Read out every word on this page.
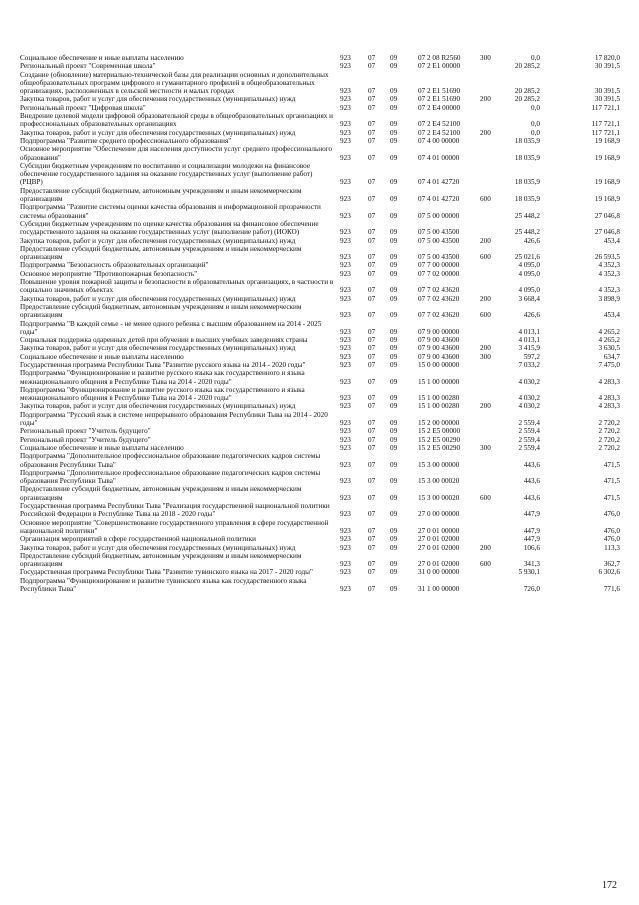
Социальное обеспечение и иные выплаты населению	923 07 09	07 2 08 R2560	300	0,0	17 820,0
Региональный проект "Современная школа"	923 07 09	07 2 E1 00000	20 285,2	30 391,5
Создание (обновление) материально-технической базы для реализации основных и дополнительных общеобразовательных программ цифрового и гуманитарного профилей в общеобразовательных организациях, расположенных в сельской местности и малых городах	923 07 09	07 2 E1 51690	20 285,2	30 391,5
Закупка товаров, работ и услуг для обеспечения государственных (муниципальных) нужд	923 07 09	07 2 E1 51690	200	20 285,2	30 391,5
Региональный проект "Цифровая школа"	923 07 09	07 2 E4 00000	0,0	117 721,1
Внедрение целевой модели цифровой образовательной среды в общеобразовательных организациях и профессиональных образовательных организациях	923 07 09	07 2 E4 52100	0,0	117 721,1
Закупка товаров, работ и услуг для обеспечения государственных (муниципальных) нужд	923 07 09	07 2 E4 52100	200	0,0	117 721,1
Подпрограмма "Развитие среднего профессионального образования"	923 07 09	07 4 00 00000	18 035,9	19 168,9
Основное мероприятие "Обеспечение для населения доступности услуг среднего профессионального образования"	923 07 09	07 4 01 00000	18 035,9	19 168,9
Субсидии бюджетным учреждениям по воспитанию и социализации молодежи на финансовое обеспечение государственного задания на оказание государственных услуг (выполнение работ) (РЦВР)	923 07 09	07 4 01 42720	18 035,9	19 168,9
Предоставление субсидий бюджетным, автономным учреждениям и иным некоммерческим организациям	923 07 09	07 4 01 42720	600	18 035,9	19 168,9
Подпрограмма "Развитие системы оценки качества образования и информационной прозрачности системы образования"	923 07 09	07 5 00 00000	25 448,2	27 046,8
Субсидии бюджетным учреждениям по оценке качества образования на финансовое обеспечение государственного задания на оказание государственных услуг (выполнение работ) (ИОКО)	923 07 09	07 5 00 43500	25 448,2	27 046,8
Закупка товаров, работ и услуг для обеспечения государственных (муниципальных) нужд	923 07 09	07 5 00 43500	200	426,6	453,4
Предоставление субсидий бюджетным, автономным учреждениям и иным некоммерческим организациям	923 07 09	07 5 00 43500	600	25 021,6	26 593,5
Подпрограмма "Безопасность образовательных организаций"	923 07 09	07 7 00 00000	4 095,0	4 352,3
Основное мероприятие "Противопожарная безопасность"	923 07 09	07 7 02 00000	4 095,0	4 352,3
Повышение уровня пожарной защиты и безопасности в образовательных организациях, в частности в социально значимых объектах	923 07 09	07 7 02 43620	4 095,0	4 352,3
Закупка товаров, работ и услуг для обеспечения государственных (муниципальных) нужд	923 07 09	07 7 02 43620	200	3 668,4	3 898,9
Предоставление субсидий бюджетным, автономным учреждениям и иным некоммерческим организациям	923 07 09	07 7 02 43620	600	426,6	453,4
Подпрограмма "В каждой семье - не менее одного ребенка с высшим образованием на 2014 - 2025 годы"	923 07 09	07 9 00 00000	4 013,1	4 265,2
Социальная поддержка одаренных детей при обучении в высших учебных заведениях страны	923 07 09	07 9 00 43600	4 013,1	4 265,2
Закупка товаров, работ и услуг для обеспечения государственных (муниципальных) нужд	923 07 09	07 9 00 43600	200	3 415,9	3 630,5
Социальное обеспечение и иные выплаты населению	923 07 09	07 9 00 43600	300	597,2	634,7
Государственная программа Республики Тыва "Развитие русского языка на 2014 - 2020 годы"	923 07 09	15 0 00 00000	7 033,2	7 475,0
Подпрограмма "Функционирование и развитие русского языка как государственного и языка межнационального общения в Республике Тыва на 2014 - 2020 годы"	923 07 09	15 1 00 00000	4 030,2	4 283,3
Подпрограмма "Функционирование и развитие русского языка как государственного и языка межнационального общения в Республике Тыва на 2014 - 2020 годы"	923 07 09	15 1 00 00280	4 030,2	4 283,3
Закупка товаров, работ и услуг для обеспечения государственных (муниципальных) нужд	923 07 09	15 1 00 00280	200	4 030,2	4 283,3
Подпрограмма "Русский язык в системе непрерывного образования Республики Тыва на 2014 - 2020 годы"	923 07 09	15 2 00 00000	2 559,4	2 720,2
Региональный проект "Учитель будущего"	923 07 09	15 2 E5 00000	2 559,4	2 720,2
Региональный проект "Учитель будущего"	923 07 09	15 2 E5 00290	2 559,4	2 720,2
Социальное обеспечение и иные выплаты населению	923 07 09	15 2 E5 00290	300	2 559,4	2 720,2
Подпрограмма "Дополнительное профессиональное образование педагогических кадров системы образования Республики Тыва"	923 07 09	15 3 00 00000	443,6	471,5
Подпрограмма "Дополнительное профессиональное образование педагогических кадров системы образования Республики Тыва"	923 07 09	15 3 00 00020	443,6	471,5
Предоставление субсидий бюджетным, автономным учреждениям и иным некоммерческим организациям	923 07 09	15 3 00 00020	600	443,6	471,5
Государственная программа Республики Тыва "Реализация государственной национальной политики Российской Федерации в Республике Тыва на 2018 - 2020 годы"	923 07 09	27 0 00 00000	447,9	476,0
Основное мероприятие "Совершенствование государственного управления в сфере государственной национальной политики"	923 07 09	27 0 01 00000	447,9	476,0
Организация мероприятий в сфере государственной национальной политики	923 07 09	27 0 01 02000	447,9	476,0
Закупка товаров, работ и услуг для обеспечения государственных (муниципальных) нужд	923 07 09	27 0 01 02000	200	106,6	113,3
Предоставление субсидий бюджетным, автономным учреждениям и иным некоммерческим организациям	923 07 09	27 0 01 02000	600	341,3	362,7
Государственная программа Республики Тыва "Развитие тувинского языка на 2017 - 2020 годы"	923 07 09	31 0 00 00000	5 930,1	6 302,6
Подпрограмма "Функционирование и развитие тувинского языка как государственного языка Республики Тыва"	923 07 09	31 1 00 00000	726,0	771,6
172
